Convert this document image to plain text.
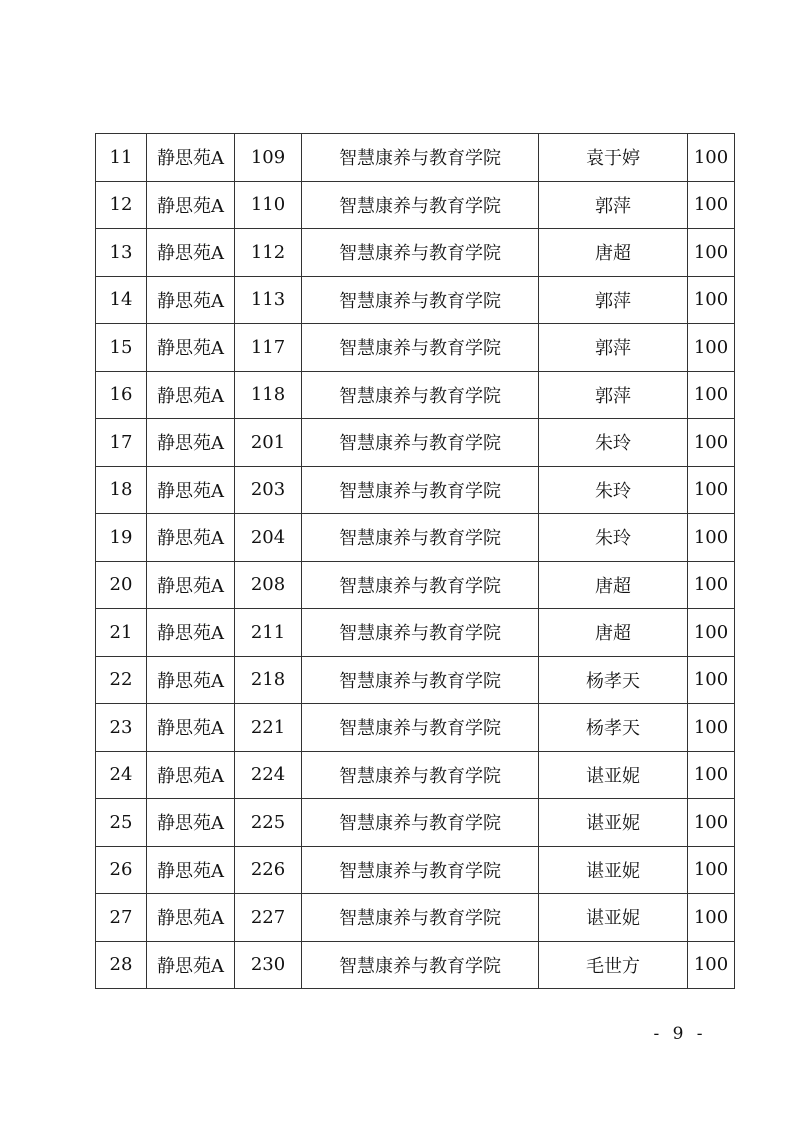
11	静思苑A	109	智慧康养与教育学院	袁于婷	100
12	静思苑A	110	智慧康养与教育学院	郭萍	100
13	静思苑A	112	智慧康养与教育学院	唐超	100
14	静思苑A	113	智慧康养与教育学院	郭萍	100
15	静思苑A	117	智慧康养与教育学院	郭萍	100
16	静思苑A	118	智慧康养与教育学院	郭萍	100
17	静思苑A	201	智慧康养与教育学院	朱玲	100
18	静思苑A	203	智慧康养与教育学院	朱玲	100
19	静思苑A	204	智慧康养与教育学院	朱玲	100
20	静思苑A	208	智慧康养与教育学院	唐超	100
21	静思苑A	211	智慧康养与教育学院	唐超	100
22	静思苑A	218	智慧康养与教育学院	杨孝天	100
23	静思苑A	221	智慧康养与教育学院	杨孝天	100
24	静思苑A	224	智慧康养与教育学院	谌亚妮	100
25	静思苑A	225	智慧康养与教育学院	谌亚妮	100
26	静思苑A	226	智慧康养与教育学院	谌亚妮	100
27	静思苑A	227	智慧康养与教育学院	谌亚妮	100
28	静思苑A	230	智慧康养与教育学院	毛世方	100
- 9 -
